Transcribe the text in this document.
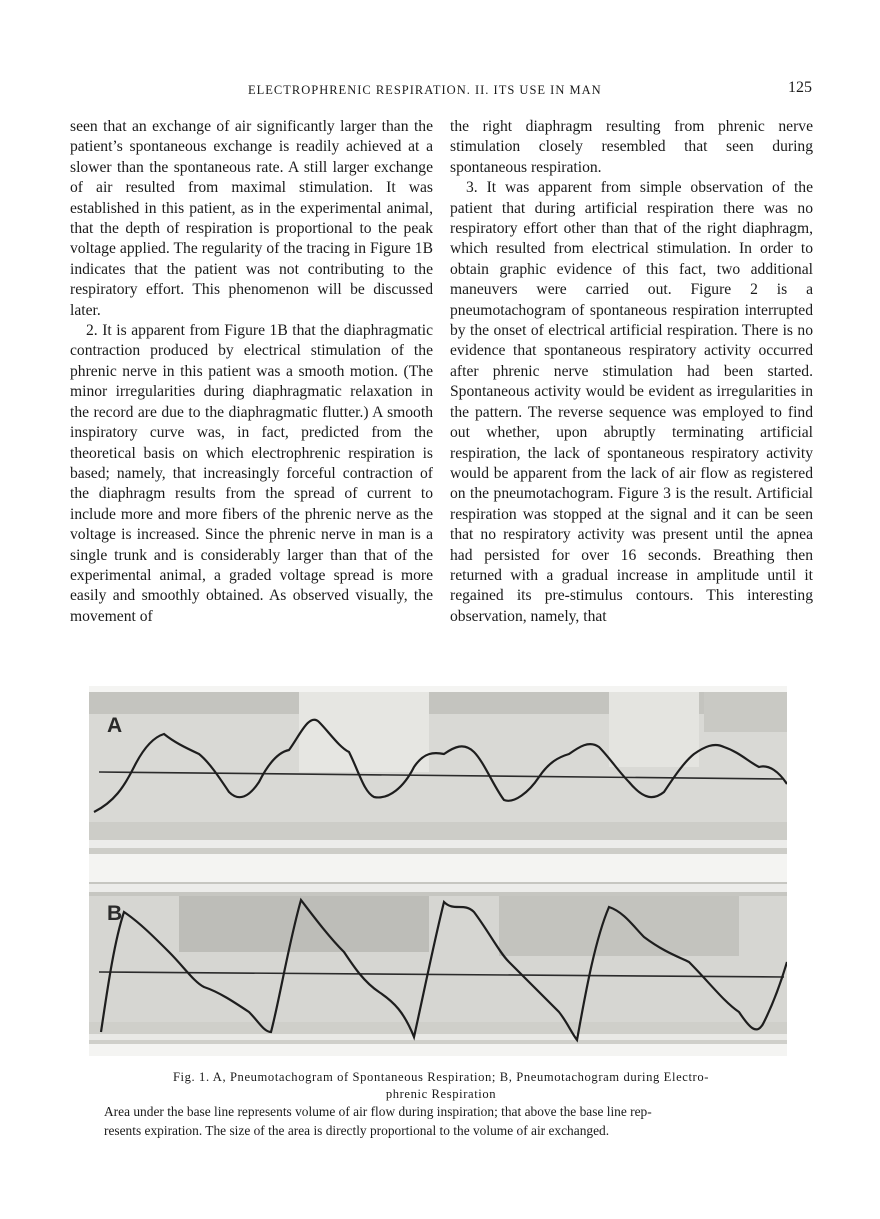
ELECTROPHRENIC RESPIRATION. II. ITS USE IN MAN	125

seen that an exchange of air significantly larger than the patient’s spontaneous exchange is readily achieved at a slower than the spontaneous rate. A still larger exchange of air resulted from maximal stimulation. It was established in this patient, as in the experimental animal, that the depth of respiration is proportional to the peak voltage applied. The regularity of the tracing in Figure 1B indicates that the patient was not contributing to the respiratory effort. This phenomenon will be discussed later.

2. It is apparent from Figure 1B that the diaphragmatic contraction produced by electrical stimulation of the phrenic nerve in this patient was a smooth motion. (The minor irregularities during diaphragmatic relaxation in the record are due to the diaphragmatic flutter.) A smooth inspiratory curve was, in fact, predicted from the theoretical basis on which electrophrenic respiration is based; namely, that increasingly forceful contraction of the diaphragm results from the spread of current to include more and more fibers of the phrenic nerve as the voltage is increased. Since the phrenic nerve in man is a single trunk and is considerably larger than that of the experimental animal, a graded voltage spread is more easily and smoothly obtained. As observed visually, the movement of

the right diaphragm resulting from phrenic nerve stimulation closely resembled that seen during spontaneous respiration.

3. It was apparent from simple observation of the patient that during artificial respiration there was no respiratory effort other than that of the right diaphragm, which resulted from electrical stimulation. In order to obtain graphic evidence of this fact, two additional maneuvers were carried out. Figure 2 is a pneumotachogram of spontaneous respiration interrupted by the onset of electrical artificial respiration. There is no evidence that spontaneous respiratory activity occurred after phrenic nerve stimulation had been started. Spontaneous activity would be evident as irregularities in the pattern. The reverse sequence was employed to find out whether, upon abruptly terminating artificial respiration, the lack of spontaneous respiratory activity would be apparent from the lack of air flow as registered on the pneumotachogram. Figure 3 is the result. Artificial respiration was stopped at the signal and it can be seen that no respiratory activity was present until the apnea had persisted for over 16 seconds. Breathing then returned with a gradual increase in amplitude until it regained its pre-stimulus contours. This interesting observation, namely, that

A
B
Fig. 1. A, Pneumotachogram of Spontaneous Respiration; B, Pneumotachogram during Electro-
phrenic Respiration
Area under the base line represents volume of air flow during inspiration; that above the base line rep-
resents expiration. The size of the area is directly proportional to the volume of air exchanged.
